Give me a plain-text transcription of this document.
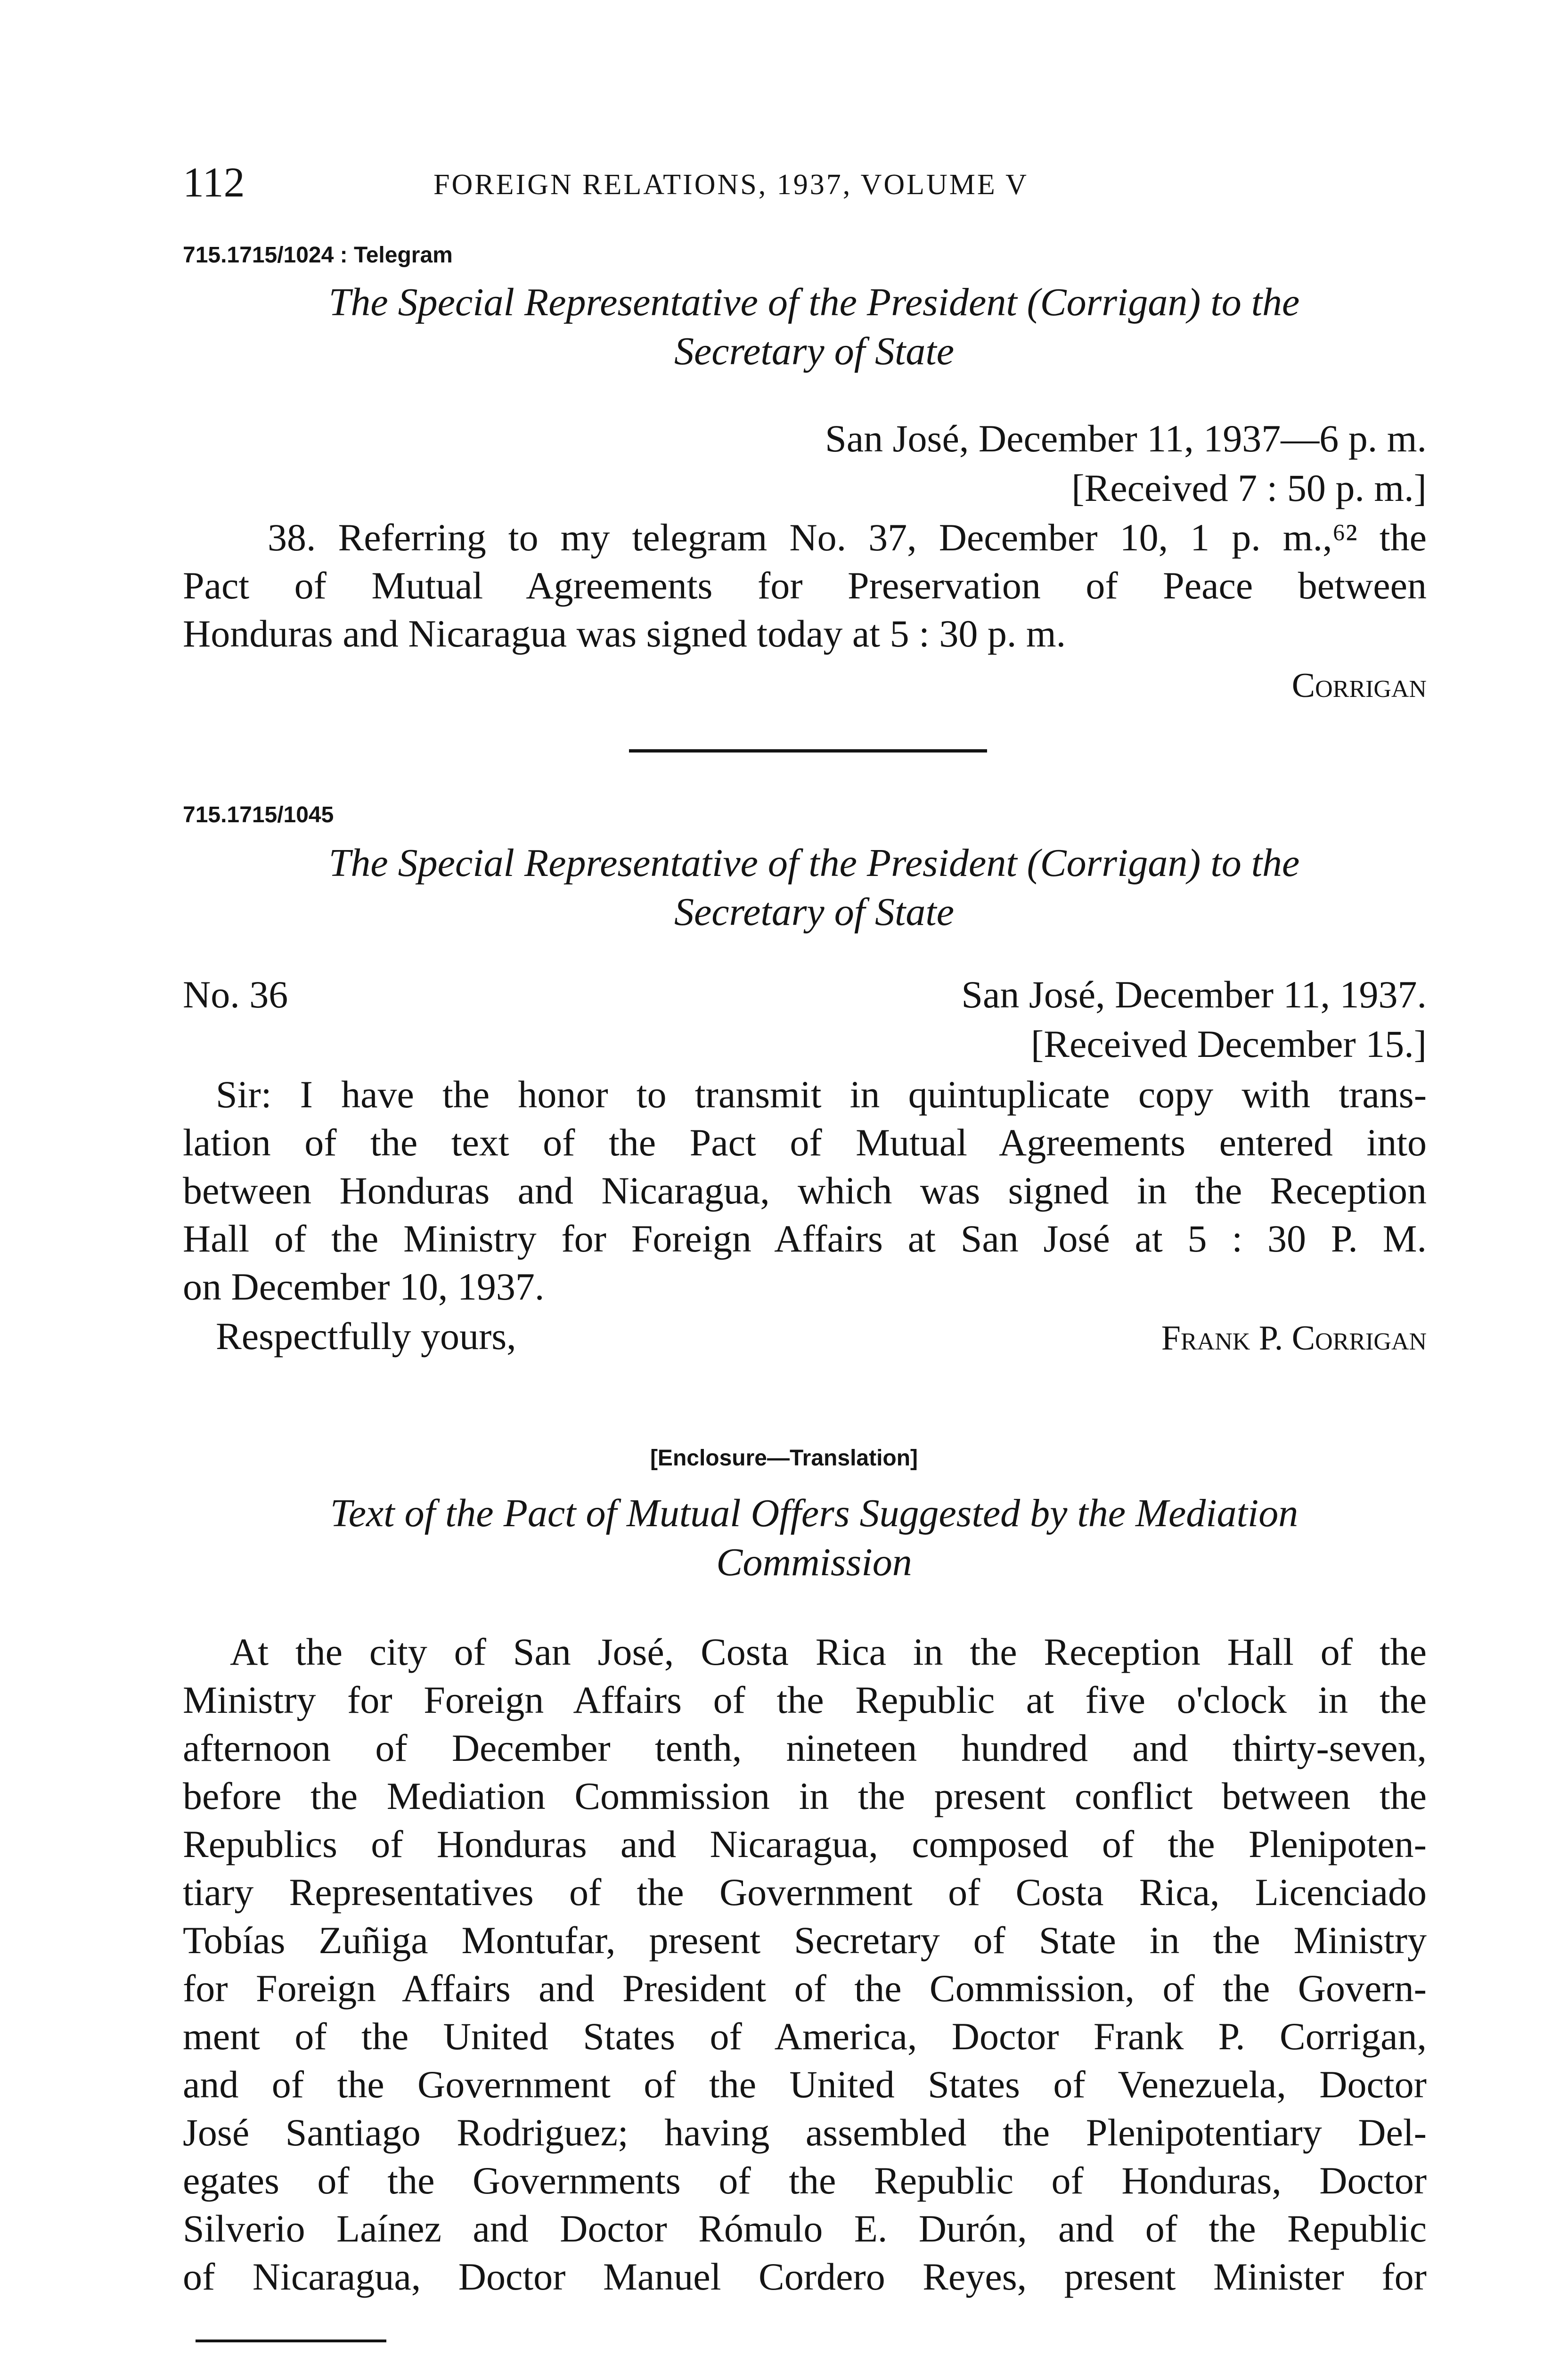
112	FOREIGN RELATIONS, 1937, VOLUME V
715.1715/1024 : Telegram
The Special Representative of the President (Corrigan) to the
Secretary of State
San José, December 11, 1937—6 p. m.
[Received 7 : 50 p. m.]
38. Referring to my telegram No. 37, December 10, 1 p. m.,⁶² the
Pact of Mutual Agreements for Preservation of Peace between
Honduras and Nicaragua was signed today at 5 : 30 p. m.
Corrigan
715.1715/1045
The Special Representative of the President (Corrigan) to the
Secretary of State
No. 36	San José, December 11, 1937.
[Received December 15.]
Sir: I have the honor to transmit in quintuplicate copy with trans-
lation of the text of the Pact of Mutual Agreements entered into
between Honduras and Nicaragua, which was signed in the Reception
Hall of the Ministry for Foreign Affairs at San José at 5 : 30 P. M.
on December 10, 1937.
Respectfully yours,	Frank P. Corrigan
[Enclosure—Translation]
Text of the Pact of Mutual Offers Suggested by the Mediation
Commission
At the city of San José, Costa Rica in the Reception Hall of the
Ministry for Foreign Affairs of the Republic at five o'clock in the
afternoon of December tenth, nineteen hundred and thirty-seven,
before the Mediation Commission in the present conflict between the
Republics of Honduras and Nicaragua, composed of the Plenipoten-
tiary Representatives of the Government of Costa Rica, Licenciado
Tobías Zuñiga Montufar, present Secretary of State in the Ministry
for Foreign Affairs and President of the Commission, of the Govern-
ment of the United States of America, Doctor Frank P. Corrigan,
and of the Government of the United States of Venezuela, Doctor
José Santiago Rodriguez; having assembled the Plenipotentiary Del-
egates of the Governments of the Republic of Honduras, Doctor
Silverio Laínez and Doctor Rómulo E. Durón, and of the Republic
of Nicaragua, Doctor Manuel Cordero Reyes, present Minister for
